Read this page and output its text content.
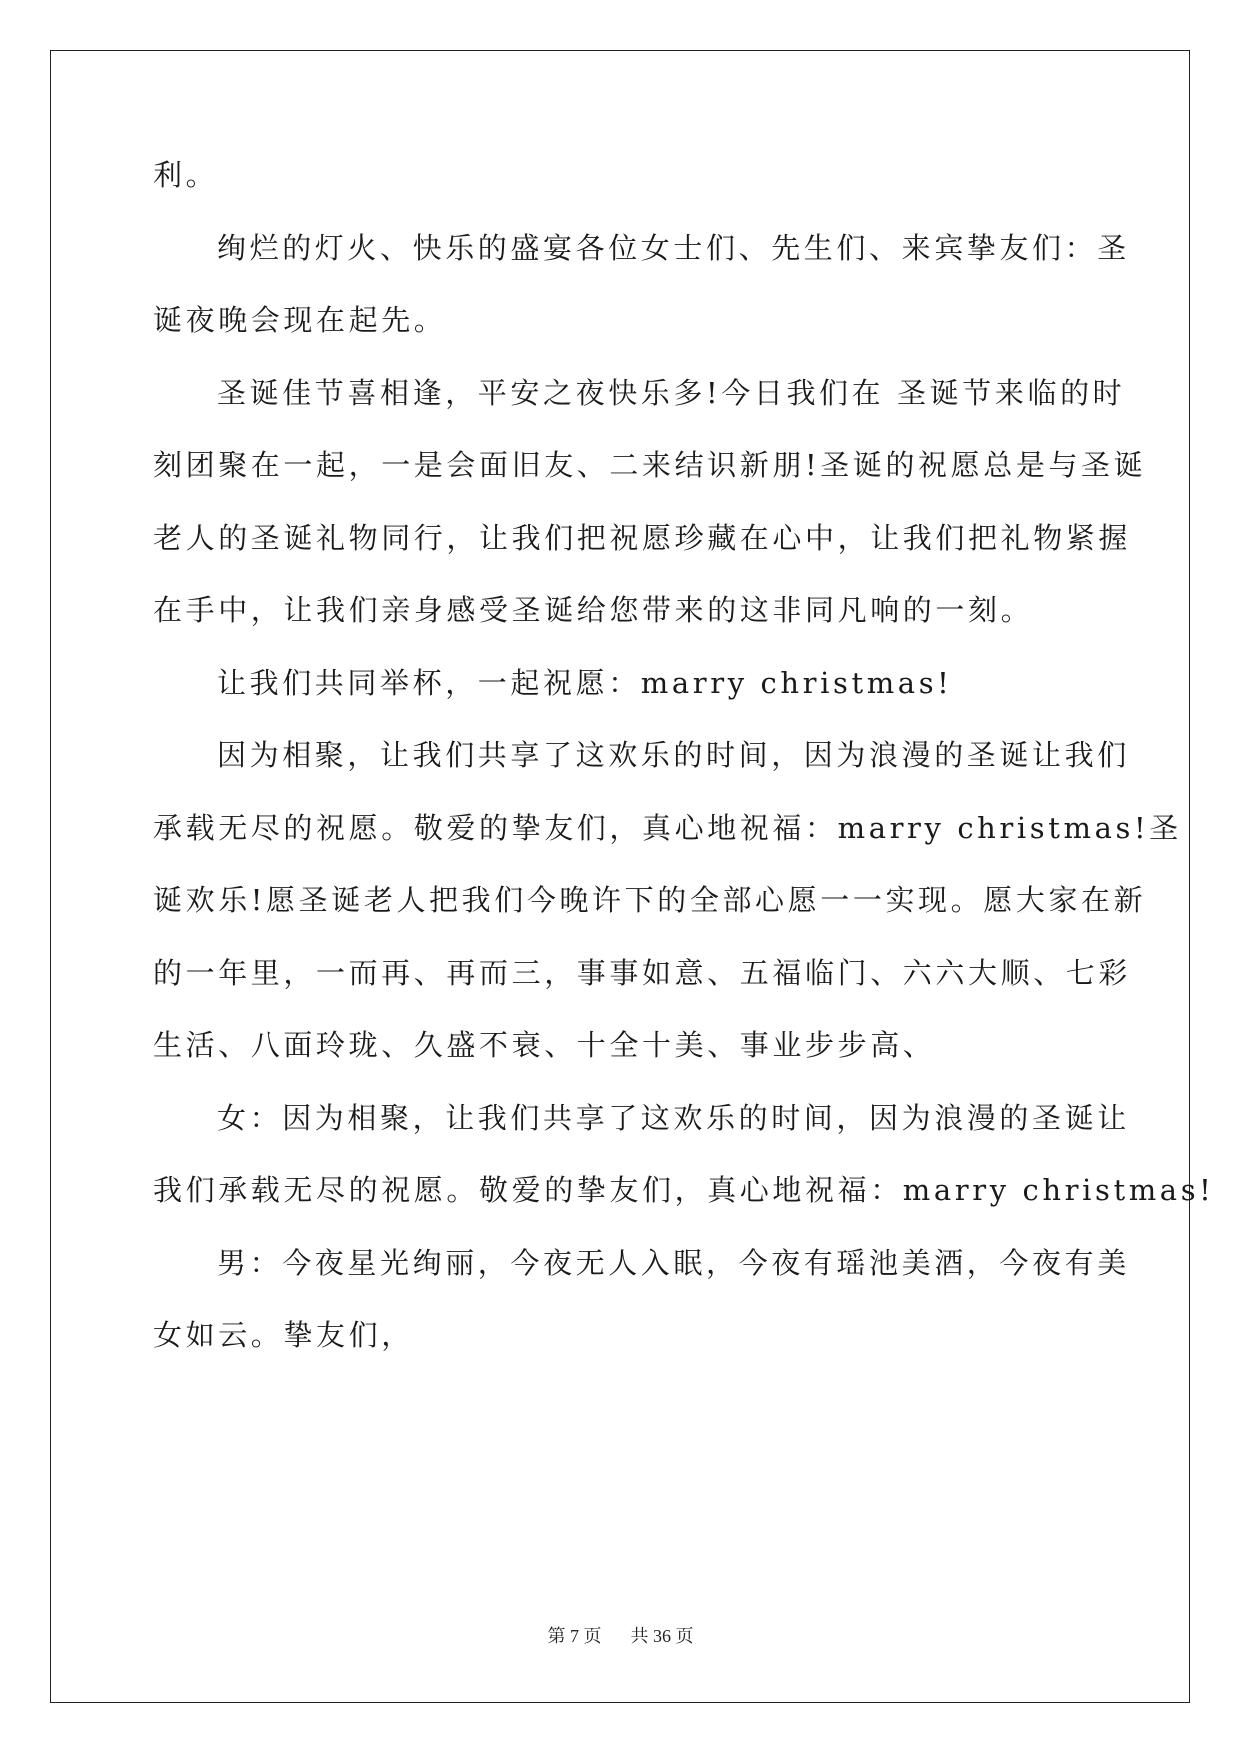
利。
绚烂的灯火、快乐的盛宴各位女士们、先生们、来宾挚友们：圣
诞夜晚会现在起先。
圣诞佳节喜相逢，平安之夜快乐多!今日我们在 圣诞节来临的时
刻团聚在一起，一是会面旧友、二来结识新朋!圣诞的祝愿总是与圣诞
老人的圣诞礼物同行，让我们把祝愿珍藏在心中，让我们把礼物紧握
在手中，让我们亲身感受圣诞给您带来的这非同凡响的一刻。
让我们共同举杯，一起祝愿：marry christmas!
因为相聚，让我们共享了这欢乐的时间，因为浪漫的圣诞让我们
承载无尽的祝愿。敬爱的挚友们，真心地祝福：marry christmas!圣
诞欢乐!愿圣诞老人把我们今晚许下的全部心愿一一实现。愿大家在新
的一年里，一而再、再而三，事事如意、五福临门、六六大顺、七彩
生活、八面玲珑、久盛不衰、十全十美、事业步步高、
女：因为相聚，让我们共享了这欢乐的时间，因为浪漫的圣诞让
我们承载无尽的祝愿。敬爱的挚友们，真心地祝福：marry christmas!
男：今夜星光绚丽，今夜无人入眠，今夜有瑶池美酒，今夜有美
女如云。挚友们，
第 7 页 共 36 页
